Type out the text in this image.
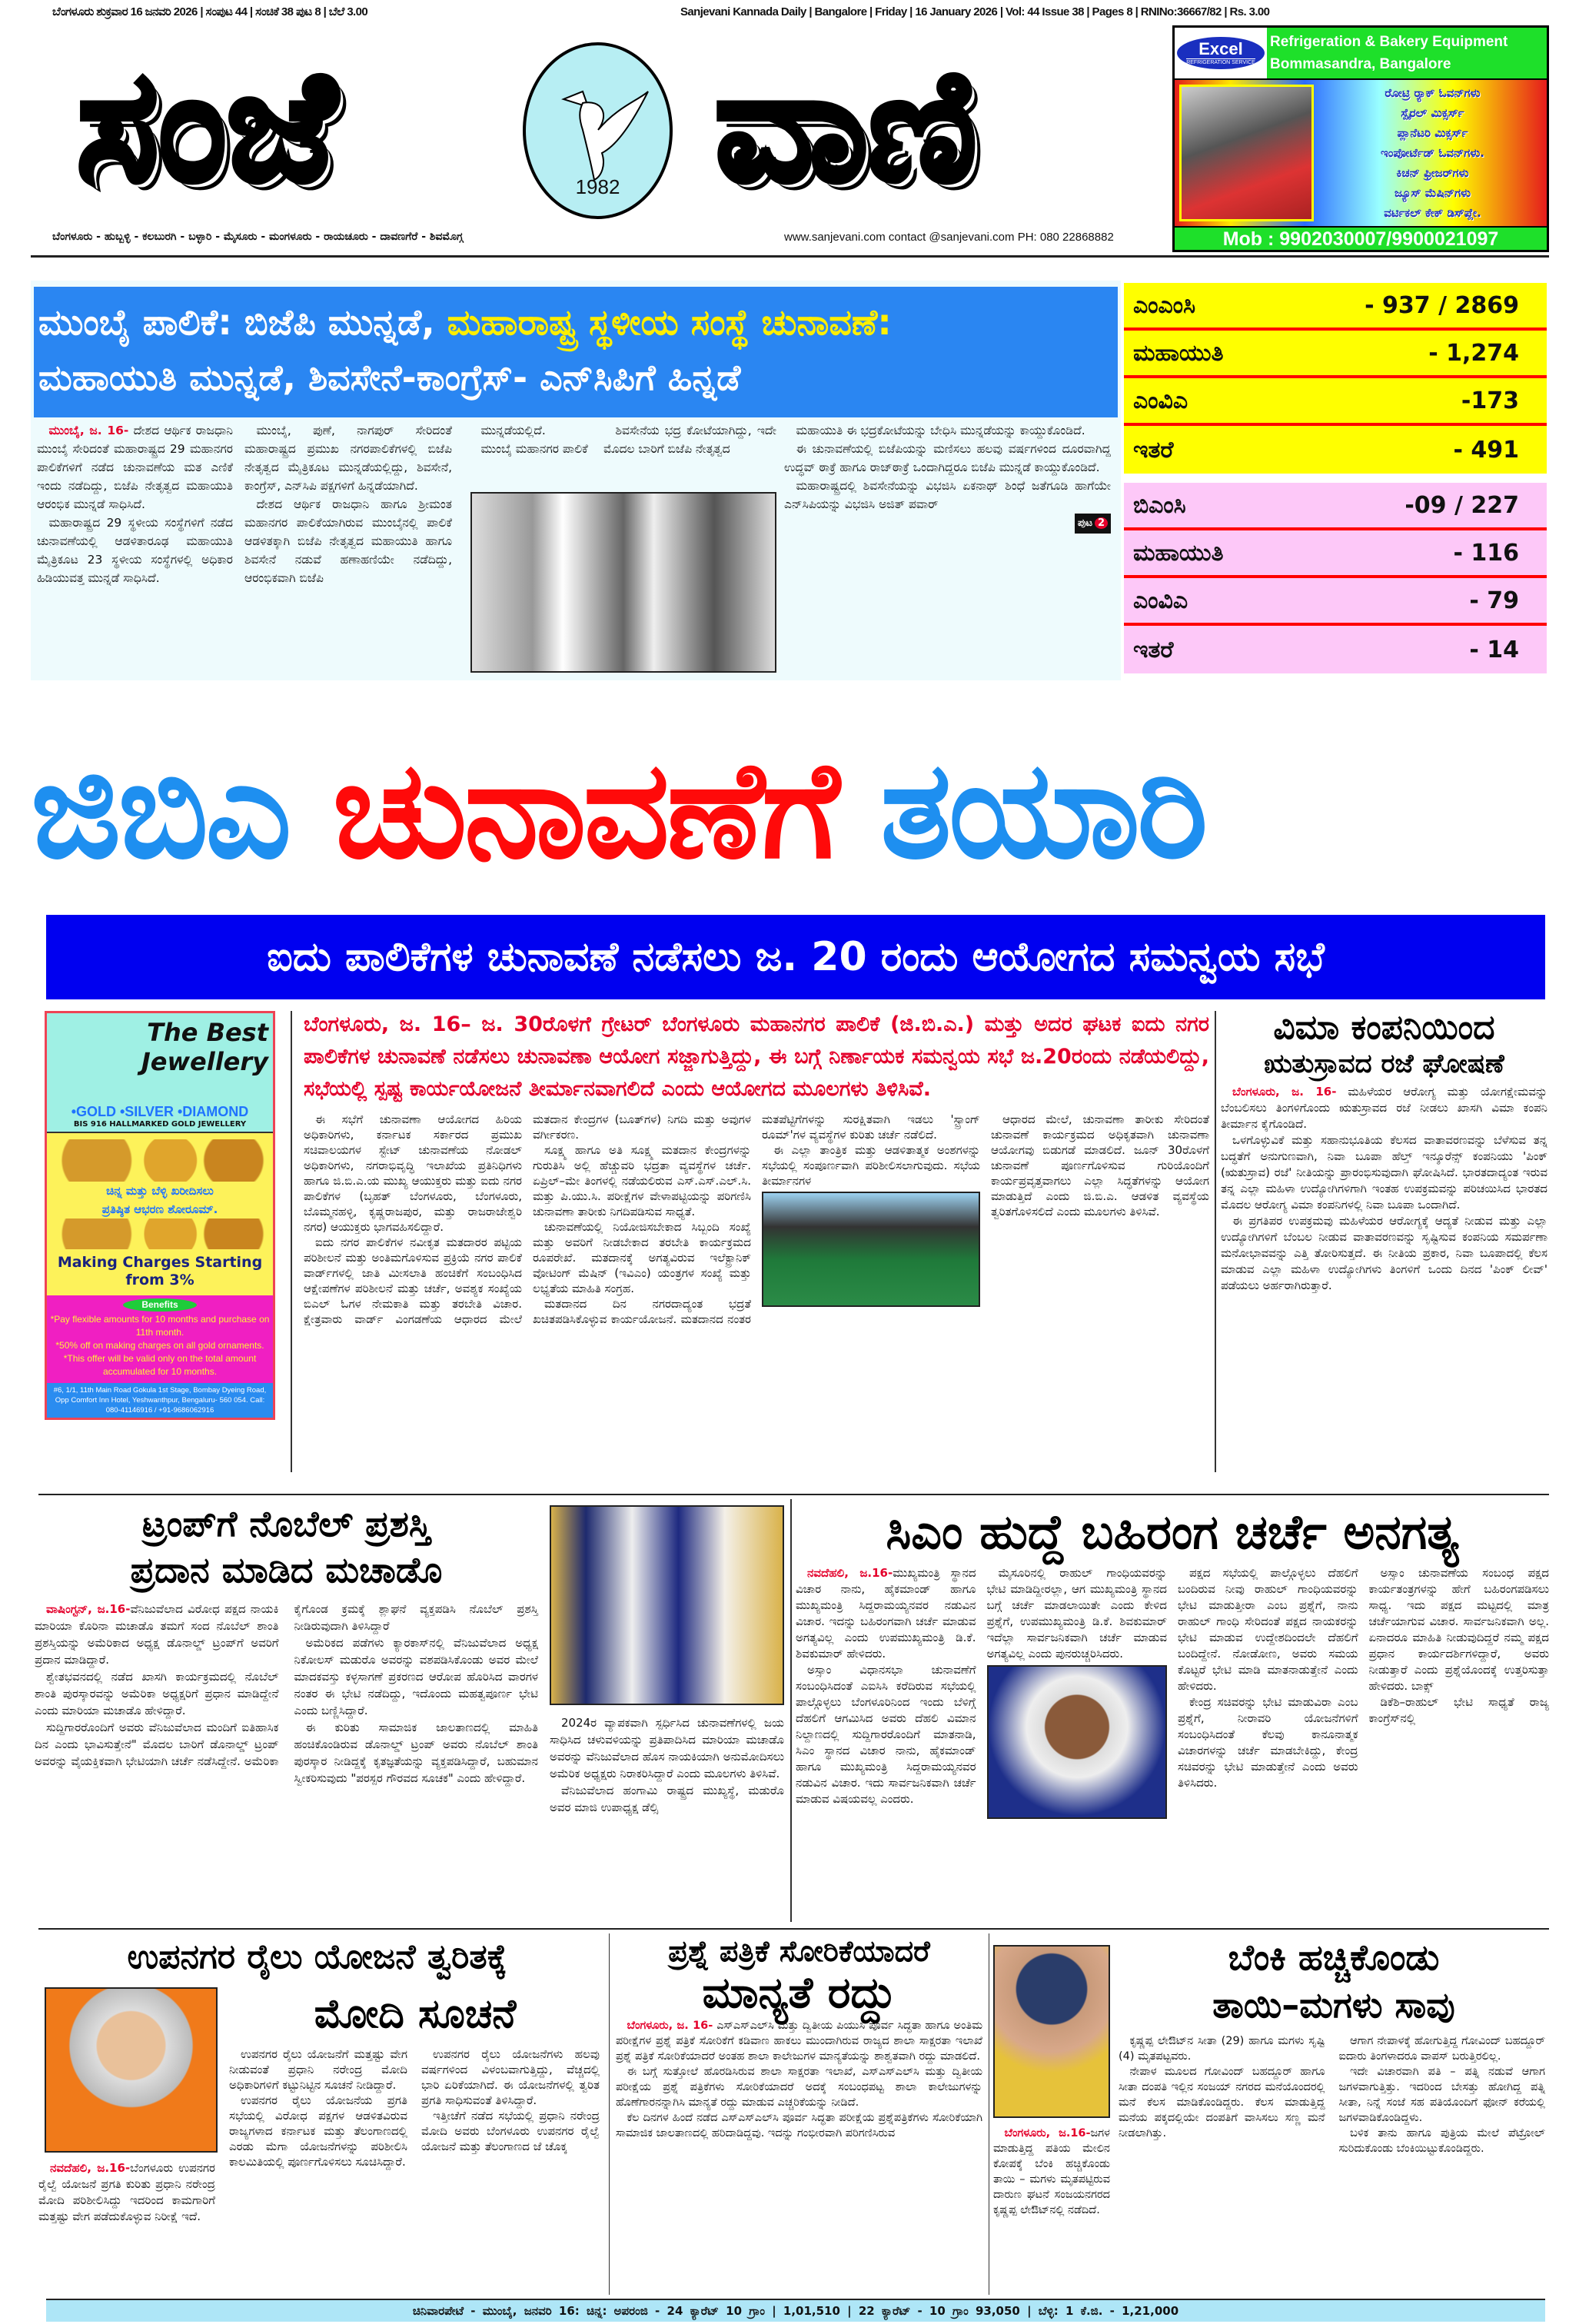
ಬೆಂಗಳೂರು ಶುಕ್ರವಾರ 16 ಜನವರಿ 2026 | ಸಂಪುಟ 44 | ಸಂಚಿಕೆ 38 ಪುಟ 8 | ಬೆಲೆ 3.00	Sanjevani Kannada Daily | Bangalore | Friday | 16 January 2026 | Vol: 44 Issue 38 | Pages 8 | RNINo:36667/82 | Rs. 3.00
ಸಂಜೆ	1982 ವಾಣಿ
ಬೆಂಗಳೂರು - ಹುಬ್ಬಳ್ಳಿ - ಕಲಬುರಗಿ - ಬಳ್ಳಾರಿ - ಮೈಸೂರು - ಮಂಗಳೂರು - ರಾಯಚೂರು - ದಾವಣಗೆರೆ - ಶಿವಮೊಗ್ಗ	www.sanjevani.com contact @sanjevani.com PH: 080 22868882
Excel
REFRIGERATION SERVICE
Refrigeration & Bakery Equipment
Bommasandra, Bangalore
ರೋಟ್ರಿ ರ್‍ಯಾಕ್ ಓವನ್‌ಗಳು
ಸ್ಪೈರಲ್ ಮಿಕ್ಸರ್ಸ್
ಪ್ಲಾನೆಟರಿ ಮಿಕ್ಸರ್ಸ್
ಇಂಪೋರ್ಟೆಡ್ ಓವನ್‌ಗಳು.
ಕಿಚನ್ ಫ್ರೀಜರ್‌ಗಳು
ಜ್ಯೂಸ್ ಮೆಷಿನ್‌ಗಳು
ವರ್ಟಿಕಲ್ ಕೇಕ್ ಡಿಸ್‌ಪ್ಲೇ.
Mob : 9902030007/9900021097
ಮುಂಬೈ ಪಾಲಿಕೆ: ಬಿಜೆಪಿ ಮುನ್ನಡೆ, ಮಹಾರಾಷ್ಟ್ರ ಸ್ಥಳೀಯ ಸಂಸ್ಥೆ ಚುನಾವಣೆ:
ಮಹಾಯುತಿ ಮುನ್ನಡೆ, ಶಿವಸೇನೆ-ಕಾಂಗ್ರೆಸ್- ಎನ್‌ಸಿಪಿಗೆ ಹಿನ್ನಡೆ

ಮುಂಬೈ, ಜ. 16- ದೇಶದ ಆರ್ಥಿಕ ರಾಜಧಾನಿ ಮುಂಬೈ ಸೇರಿದಂತೆ ಮಹಾರಾಷ್ಟ್ರದ 29 ಮಹಾನಗರ ಪಾಲಿಕೆಗಳಿಗೆ ನಡೆದ ಚುನಾವಣೆಯ ಮತ ಎಣಿಕೆ ಇಂದು ನಡೆದಿದ್ದು, ಬಿಜೆಪಿ ನೇತೃತ್ವದ ಮಹಾಯುತಿ ಆರಂಭಿಕ ಮುನ್ನಡೆ ಸಾಧಿಸಿದೆ.

ಮಹಾರಾಷ್ಟ್ರದ 29 ಸ್ಥಳೀಯ ಸಂಸ್ಥೆಗಳಿಗೆ ನಡೆದ ಚುನಾವಣೆಯಲ್ಲಿ ಆಡಳಿತಾರೂಢ ಮಹಾಯುತಿ ಮೈತ್ರಿಕೂಟ 23 ಸ್ಥಳೀಯ ಸಂಸ್ಥೆಗಳಲ್ಲಿ ಅಧಿಕಾರ ಹಿಡಿಯುವತ್ತ ಮುನ್ನಡೆ ಸಾಧಿಸಿದೆ.

ಮುಂಬೈ, ಪುಣೆ, ನಾಗಪುರ್ ಸೇರಿದಂತೆ ಮಹಾರಾಷ್ಟ್ರದ ಪ್ರಮುಖ ನಗರಪಾಲಿಕೆಗಳಲ್ಲಿ ಬಿಜೆಪಿ ನೇತೃತ್ವದ ಮೈತ್ರಿಕೂಟ ಮುನ್ನಡೆಯಲ್ಲಿದ್ದು, ಶಿವಸೇನೆ, ಕಾಂಗ್ರೆಸ್, ಎನ್‌ಸಿಪಿ ಪಕ್ಷಗಳಿಗೆ ಹಿನ್ನಡೆಯಾಗಿದೆ.

ದೇಶದ ಆರ್ಥಿಕ ರಾಜಧಾನಿ ಹಾಗೂ ಶ್ರೀಮಂತ ಮಹಾನಗರ ಪಾಲಿಕೆಯಾಗಿರುವ ಮುಂಬೈನಲ್ಲಿ ಪಾಲಿಕೆ ಆಡಳಿತಕ್ಕಾಗಿ ಬಿಜೆಪಿ ನೇತೃತ್ವದ ಮಹಾಯುತಿ ಹಾಗೂ ಶಿವಸೇನೆ ನಡುವೆ ಹಣಾಹಣಿಯೇ ನಡೆದಿದ್ದು, ಆರಂಭಿಕವಾಗಿ ಬಿಜೆಪಿ

ಮುನ್ನಡೆಯಲ್ಲಿದೆ.

ಮುಂಬೈ ಮಹಾನಗರ ಪಾಲಿಕೆ

ಶಿವಸೇನೆಯ ಭದ್ರ ಕೋಟೆಯಾಗಿದ್ದು, ಇದೇ ಮೊದಲ ಬಾರಿಗೆ ಬಿಜೆಪಿ ನೇತೃತ್ವದ

ಮಹಾಯುತಿ ಈ ಭದ್ರಕೋಟೆಯನ್ನು ಬೇಧಿಸಿ ಮುನ್ನಡೆಯನ್ನು ಕಾಯ್ದುಕೊಂಡಿದೆ.

ಈ ಚುನಾವಣೆಯಲ್ಲಿ ಬಿಜೆಪಿಯನ್ನು ಮಣಿಸಲು ಹಲವು ವರ್ಷಗಳಿಂದ ದೂರವಾಗಿದ್ದ ಉದ್ಧವ್ ಠಾಕ್ರೆ ಹಾಗೂ ರಾಜ್‌ಠಾಕ್ರೆ ಒಂದಾಗಿದ್ದರೂ ಬಿಜೆಪಿ ಮುನ್ನಡೆ ಕಾಯ್ದುಕೊಂಡಿದೆ.

ಮಹಾರಾಷ್ಟ್ರದಲ್ಲಿ ಶಿವಸೇನೆಯನ್ನು ವಿಭಜಿಸಿ ಏಕನಾಥ್ ಶಿಂಧೆ ಜತೆಗೂಡಿ ಹಾಗೆಯೇ ಎನ್‌ಸಿಪಿಯನ್ನು ವಿಭಜಿಸಿ ಅಜಿತ್ ಪವಾರ್

ಪುಟ 2
ಎಂಎಂಸಿ	- 937 / 2869
ಮಹಾಯುತಿ	- 1,274
ಎಂವಿಎ	-173
ಇತರೆ	- 491
ಬಿಎಂಸಿ	-09 / 227
ಮಹಾಯುತಿ	- 116
ಎಂವಿಎ	- 79
ಇತರೆ	- 14
ಜಿಬಿಎ ಚುನಾವಣೆಗೆ ತಯಾರಿ
ಐದು ಪಾಲಿಕೆಗಳ ಚುನಾವಣೆ ನಡೆಸಲು ಜ. 20 ರಂದು ಆಯೋಗದ ಸಮನ್ವಯ ಸಭೆ
The Best Jewellery
•GOLD •SILVER •DIAMOND
BIS 916 HALLMARKED GOLD JEWELLERY
ಚಿನ್ನ ಮತ್ತು ಬೆಳ್ಳಿ ಖರೀದಿಸಲು
ಪ್ರತಿಷ್ಠಿತ ಆಭರಣ ಶೋರೂಮ್.
Making Charges Starting from 3%
Benefits
*Pay flexible amounts for 10 months and purchase on 11th month.
*50% off on making charges on all gold ornaments.
*This offer will be valid only on the total amount accumulated for 10 months.
#6, 1/1, 11th Main Road Gokula 1st Stage, Bombay Dyeing Road, Opp Comfort Inn Hotel, Yeshwanthpur, Bengaluru- 560 054. Call: 080-41146916 / +91-9686062916
ಬೆಂಗಳೂರು, ಜ. 16– ಜ. 30ರೊಳಗೆ ಗ್ರೇಟರ್ ಬೆಂಗಳೂರು ಮಹಾನಗರ ಪಾಲಿಕೆ (ಜಿ.ಬಿ.ಎ.) ಮತ್ತು ಅದರ ಘಟಕ ಐದು ನಗರ ಪಾಲಿಕೆಗಳ ಚುನಾವಣೆ ನಡೆಸಲು ಚುನಾವಣಾ ಆಯೋಗ ಸಜ್ಜಾಗುತ್ತಿದ್ದು, ಈ ಬಗ್ಗೆ ನಿರ್ಣಾಯಕ ಸಮನ್ವಯ ಸಭೆ ಜ.20ರಂದು ನಡೆಯಲಿದ್ದು, ಸಭೆಯಲ್ಲಿ ಸ್ಪಷ್ಟ ಕಾರ್ಯಯೋಜನೆ ತೀರ್ಮಾನವಾಗಲಿದೆ ಎಂದು ಆಯೋಗದ ಮೂಲಗಳು ತಿಳಿಸಿವೆ.

ಈ ಸಭೆಗೆ ಚುನಾವಣಾ ಆಯೋಗದ ಹಿರಿಯ ಅಧಿಕಾರಿಗಳು, ಕರ್ನಾಟಕ ಸರ್ಕಾರದ ಪ್ರಮುಖ ಸಚಿವಾಲಯಗಳ ಸ್ಟೇಟ್ ಚುನಾವಣೆಯ ನೋಡಲ್ ಅಧಿಕಾರಿಗಳು, ನಗರಾಭಿವೃದ್ಧಿ ಇಲಾಖೆಯ ಪ್ರತಿನಿಧಿಗಳು ಹಾಗೂ ಜಿ.ಬಿ.ಎ.ಯ ಮುಖ್ಯ ಆಯುಕ್ತರು ಮತ್ತು ಐದು ನಗರ ಪಾಲಿಕೆಗಳ (ಬೃಹತ್ ಬೆಂಗಳೂರು, ಬೆಂಗಳೂರು, ಬೊಮ್ಮನಹಳ್ಳಿ, ಕೃಷ್ಣರಾಜಪುರ, ಮತ್ತು ರಾಜರಾಜೇಶ್ವರಿ ನಗರ) ಆಯುಕ್ತರು ಭಾಗವಹಿಸಲಿದ್ದಾರೆ.

ಐದು ನಗರ ಪಾಲಿಕೆಗಳ ನವೀಕೃತ ಮತದಾರರ ಪಟ್ಟಿಯ ಪರಿಶೀಲನೆ ಮತ್ತು ಅಂತಿಮಗೊಳಿಸುವ ಪ್ರಕ್ರಿಯೆ ನಗರ ಪಾಲಿಕೆ ವಾರ್ಡ್‌ಗಳಲ್ಲಿ ಜಾತಿ ಮೀಸಲಾತಿ ಹಂಚಿಕೆಗೆ ಸಂಬಂಧಿಸಿದ ಆಕ್ಷೇಪಣೆಗಳ ಪರಿಶೀಲನೆ ಮತ್ತು ಚರ್ಚೆ, ಅವಶ್ಯಕ ಸಂಖ್ಯೆಯ ಬಿಎಲ್ ಓಗಳ ನೇಮಕಾತಿ ಮತ್ತು ತರಬೇತಿ ವಿಚಾರ. ಕ್ಷೇತ್ರವಾರು ವಾರ್ಡ್ ವಿಂಗಡಣೆಯ ಆಧಾರದ ಮೇಲೆ ಮತದಾನ ಕೇಂದ್ರಗಳ (ಬೂತ್‌ಗಳ) ನಿಗದಿ ಮತ್ತು ಅವುಗಳ ವರ್ಗೀಕರಣ.

ಸೂಕ್ಷ್ಮ ಹಾಗೂ ಅತಿ ಸೂಕ್ಷ್ಮ ಮತದಾನ ಕೇಂದ್ರಗಳನ್ನು ಗುರುತಿಸಿ ಅಲ್ಲಿ ಹೆಚ್ಚುವರಿ ಭದ್ರತಾ ವ್ಯವಸ್ಥೆಗಳ ಚರ್ಚೆ. ಏಪ್ರಿಲ್–ಮೇ ತಿಂಗಳಲ್ಲಿ ನಡೆಯಲಿರುವ ಎಸ್.ಎಸ್.ಎಲ್.ಸಿ. ಮತ್ತು ಪಿ.ಯು.ಸಿ. ಪರೀಕ್ಷೆಗಳ ವೇಳಾಪಟ್ಟಿಯನ್ನು ಪರಿಗಣಿಸಿ ಚುನಾವಣಾ ತಾರೀಕು ನಿಗದಿಪಡಿಸುವ ಸಾಧ್ಯತೆ.

ಚುನಾವಣೆಯಲ್ಲಿ ನಿಯೋಜಿಸಬೇಕಾದ ಸಿಬ್ಬಂದಿ ಸಂಖ್ಯೆ ಮತ್ತು ಅವರಿಗೆ ನೀಡಬೇಕಾದ ತರಬೇತಿ ಕಾರ್ಯಕ್ರಮದ ರೂಪರೇಖೆ. ಮತದಾನಕ್ಕೆ ಅಗತ್ಯವಿರುವ ಇಲೆಕ್ಟ್ರಾನಿಕ್ ವೋಟಿಂಗ್ ಮೆಷಿನ್ (ಇವಿಎಂ) ಯಂತ್ರಗಳ ಸಂಖ್ಯೆ ಮತ್ತು ಲಭ್ಯತೆಯ ಮಾಹಿತಿ ಸಂಗ್ರಹ.

ಮತದಾನದ ದಿನ ನಗರದಾದ್ಯಂತ ಭದ್ರತೆ ಖಚಿತಪಡಿಸಿಕೊಳ್ಳುವ ಕಾರ್ಯಯೋಜನೆ. ಮತದಾನದ ನಂತರ ಮತಪೆಟ್ಟಿಗೆಗಳನ್ನು ಸುರಕ್ಷಿತವಾಗಿ ಇಡಲು 'ಸ್ಟ್ರಾಂಗ್ ರೂಮ್'ಗಳ ವ್ಯವಸ್ಥೆಗಳ ಕುರಿತು ಚರ್ಚೆ ನಡೆಲಿದೆ.

ಈ ಎಲ್ಲಾ ತಾಂತ್ರಿಕ ಮತ್ತು ಆಡಳಿತಾತ್ಮಕ ಅಂಶಗಳನ್ನು ಸಭೆಯಲ್ಲಿ ಸಂಪೂರ್ಣವಾಗಿ ಪರಿಶೀಲಿಸಲಾಗುವುದು. ಸಭೆಯ ತೀರ್ಮಾನಗಳ

ಆಧಾರದ ಮೇಲೆ, ಚುನಾವಣಾ ತಾರೀಕು ಸೇರಿದಂತೆ ಚುನಾವಣೆ ಕಾರ್ಯಕ್ರಮದ ಅಧಿಕೃತವಾಗಿ ಚುನಾವಣಾ ಆಯೋಗವು ಬಿಡುಗಡೆ ಮಾಡಲಿದೆ. ಜೂನ್ 30ರೊಳಗೆ ಚುನಾವಣೆ ಪೂರ್ಣಗೊಳಿಸುವ ಗುರಿಯೊಂದಿಗೆ ಕಾರ್ಯಪ್ರವೃತ್ತವಾಗಲು ಎಲ್ಲಾ ಸಿದ್ಧತೆಗಳನ್ನು ಆಯೋಗ ಮಾಡುತ್ತಿದೆ ಎಂದು ಜಿ.ಬಿ.ಎ. ಆಡಳಿತ ವ್ಯವಸ್ಥೆಯ ತ್ವರಿತಗೊಳಿಸಲಿದೆ ಎಂದು ಮೂಲಗಳು ತಿಳಿಸಿವೆ.

ವಿಮಾ ಕಂಪನಿಯಿಂದ
ಋತುಸ್ರಾವದ ರಜೆ ಘೋಷಣೆ

ಬೆಂಗಳೂರು, ಜ. 16- ಮಹಿಳೆಯರ ಆರೋಗ್ಯ ಮತ್ತು ಯೋಗಕ್ಷೇಮವನ್ನು ಬೆಂಬಲಿಸಲು ತಿಂಗಳಿಗೊಂದು ಋತುಸ್ರಾವದ ರಜೆ ನೀಡಲು ಖಾಸಗಿ ವಿಮಾ ಕಂಪನಿ ತೀರ್ಮಾನ ಕೈಗೊಂಡಿದೆ.

ಒಳಗೊಳ್ಳುವಿಕೆ ಮತ್ತು ಸಹಾನುಭೂತಿಯ ಕೆಲಸದ ವಾತಾವರಣವನ್ನು ಬೆಳೆಸುವ ತನ್ನ ಬದ್ಧತೆಗೆ ಅನುಗುಣವಾಗಿ, ನಿವಾ ಬೂಪಾ ಹೆಲ್ತ್ ಇನ್ಶೂರೆನ್ಸ್ ಕಂಪನಿಯು 'ಪಿಂಕ್ (ಋತುಸ್ರಾವ) ರಜೆ' ನೀತಿಯನ್ನು ಪ್ರಾರಂಭಿಸುವುದಾಗಿ ಘೋಷಿಸಿದೆ. ಭಾರತದಾದ್ಯಂತ ಇರುವ ತನ್ನ ಎಲ್ಲಾ ಮಹಿಳಾ ಉದ್ಯೋಗಿಗಳಿಗಾಗಿ ಇಂತಹ ಉಪಕ್ರಮವನ್ನು ಪರಿಚಯಿಸಿದ ಭಾರತದ ಮೊದಲ ಆರೋಗ್ಯ ವಿಮಾ ಕಂಪನಿಗಳಲ್ಲಿ ನಿವಾ ಬೂಪಾ ಒಂದಾಗಿದೆ.

ಈ ಪ್ರಗತಿಪರ ಉಪಕ್ರಮವು ಮಹಿಳೆಯರ ಆರೋಗ್ಯಕ್ಕೆ ಆದ್ಯತೆ ನೀಡುವ ಮತ್ತು ಎಲ್ಲಾ ಉದ್ಯೋಗಿಗಳಿಗೆ ಬೆಂಬಲ ನೀಡುವ ವಾತಾವರಣವನ್ನು ಸೃಷ್ಟಿಸುವ ಕಂಪನಿಯ ಸಮರ್ಪಣಾ ಮನೋಭಾವವನ್ನು ಎತ್ತಿ ತೋರಿಸುತ್ತದೆ. ಈ ನೀತಿಯ ಪ್ರಕಾರ, ನಿವಾ ಬೂಪಾದಲ್ಲಿ ಕೆಲಸ ಮಾಡುವ ಎಲ್ಲಾ ಮಹಿಳಾ ಉದ್ಯೋಗಿಗಳು ತಿಂಗಳಿಗೆ ಒಂದು ದಿನದ 'ಪಿಂಕ್ ಲೀವ್' ಪಡೆಯಲು ಅರ್ಹರಾಗಿರುತ್ತಾರೆ.

ಟ್ರಂಪ್‌ಗೆ ನೊಬೆಲ್ ಪ್ರಶಸ್ತಿ
ಪ್ರದಾನ ಮಾಡಿದ ಮಚಾಡೊ

ವಾಷಿಂಗ್ಟನ್, ಜ.16-ವೆನಿಜುವೆಲಾದ ವಿರೋಧ ಪಕ್ಷದ ನಾಯಕಿ ಮಾರಿಯಾ ಕೊರಿನಾ ಮಚಾಡೊ ತಮಗೆ ಸಂದ ನೊಬೆಲ್ ಶಾಂತಿ ಪ್ರಶಸ್ತಿಯನ್ನು ಅಮೆರಿಕಾದ ಅಧ್ಯಕ್ಷ ಡೊನಾಲ್ಡ್ ಟ್ರಂಪ್‌ಗೆ ಅವರಿಗೆ ಪ್ರದಾನ ಮಾಡಿದ್ದಾರೆ.

ಶ್ವೇತಭವನದಲ್ಲಿ ನಡೆದ ಖಾಸಗಿ ಕಾರ್ಯಕ್ರಮದಲ್ಲಿ ನೊಬೆಲ್ ಶಾಂತಿ ಪುರಸ್ಕಾರವನ್ನು ಅಮೆರಿಕಾ ಅಧ್ಯಕ್ಷರಿಗೆ ಪ್ರಧಾನ ಮಾಡಿದ್ದೇನೆ ಎಂದು ಮಾರಿಯಾ ಮಚಾಡೊ ಹೇಳಿದ್ದಾರೆ.

ಸುದ್ದಿಗಾರರೊಂದಿಗೆ ಅವರು ವೆನಿಜುವೆಲಾದ ಮಂದಿಗೆ ಐತಿಹಾಸಿಕ ದಿನ ಎಂದು ಭಾವಿಸುತ್ತೇನೆ" ಮೊದಲ ಬಾರಿಗೆ ಡೊನಾಲ್ಡ್ ಟ್ರಂಪ್ ಅವರನ್ನು ವೈಯಕ್ತಿಕವಾಗಿ ಭೇಟಿಯಾಗಿ ಚರ್ಚೆ ನಡೆಸಿದ್ದೇನೆ. ಅಮೆರಿಕಾ ಕೈಗೊಂಡ ಕ್ರಮಕ್ಕೆ ಶ್ಲಾಘನೆ ವ್ಯಕ್ತಪಡಿಸಿ ನೊಬೆಲ್ ಪ್ರಶಸ್ತಿ ನೀಡಿರುವುದಾಗಿ ತಿಳಿಸಿದ್ದಾರೆ

ಅಮೆರಿಕದ ಪಡೆಗಳು ಕ್ಯಾರಕಾಸ್‌ನಲ್ಲಿ ವೆನಿಜುವೆಲಾದ ಅಧ್ಯಕ್ಷ ನಿಕೋಲಸ್ ಮಡುರೊ ಅವರನ್ನು ವಶಪಡಿಸಿಕೊಂಡು ಅವರ ಮೇಲೆ ಮಾದಕವಸ್ತು ಕಳ್ಳಸಾಗಣೆ ಪ್ರಕರಣದ ಆರೋಪ ಹೊರಿಸಿದ ವಾರಗಳ ನಂತರ ಈ ಭೇಟಿ ನಡೆದಿದ್ದು, ಇದೊಂದು ಮಹತ್ವಪೂರ್ಣ ಭೇಟಿ ಎಂದು ಬಣ್ಣಿಸಿದ್ದಾರೆ.

ಈ ಕುರಿತು ಸಾಮಾಜಿಕ ಜಾಲತಾಣದಲ್ಲಿ ಮಾಹಿತಿ ಹಂಚಿಕೊಂಡಿರುವ ಡೊನಾಲ್ಡ್ ಟ್ರಂಪ್ ಅವರು ನೊಬೆಲ್ ಶಾಂತಿ ಪುರಸ್ಕಾರ ನೀಡಿದ್ದಕ್ಕೆ ಕೃತಜ್ಞತೆಯನ್ನು ವ್ಯಕ್ತಪಡಿಸಿದ್ದಾರೆ, ಬಹುಮಾನ ಸ್ವೀಕರಿಸುವುದು "ಪರಸ್ಪರ ಗೌರವದ ಸೂಚಕ" ಎಂದು ಹೇಳಿದ್ದಾರೆ.

2024ರ ವ್ಯಾಪಕವಾಗಿ ಸ್ಪರ್ಧಿಸಿದ ಚುನಾವಣೆಗಳಲ್ಲಿ ಜಯ ಸಾಧಿಸಿದ ಚಳುವಳಿಯನ್ನು ಪ್ರತಿಪಾದಿಸಿದ ಮಾರಿಯಾ ಮಚಾಡೊ ಅವರನ್ನು ವೆನಿಜುವೆಲಾದ ಹೊಸ ನಾಯಕಿಯಾಗಿ ಅನುಮೋದಿಸಲು ಅಮೆರಿಕ ಅಧ್ಯಕ್ಷರು ನಿರಾಕರಿಸಿದ್ದಾರೆ ಎಂದು ಮೂಲಗಳು ತಿಳಿಸಿವೆ.

ವೆನಿಜುವೆಲಾದ ಹಂಗಾಮಿ ರಾಷ್ಟ್ರದ ಮುಖ್ಯಸ್ಥೆ, ಮಡುರೊ ಅವರ ಮಾಜಿ ಉಪಾಧ್ಯಕ್ಷ ಡೆಲ್ಸಿ

ಸಿಎಂ ಹುದ್ದೆ ಬಹಿರಂಗ ಚರ್ಚೆ ಅನಗತ್ಯ

ನವದೆಹಲಿ, ಜ.16-ಮುಖ್ಯಮಂತ್ರಿ ಸ್ಥಾನದ ವಿಚಾರ ನಾನು, ಹೈಕಮಾಂಡ್ ಹಾಗೂ ಮುಖ್ಯಮಂತ್ರಿ ಸಿದ್ದರಾಮಯ್ಯನವರ ನಡುವಿನ ವಿಚಾರ. ಇದನ್ನು ಬಹಿರಂಗವಾಗಿ ಚರ್ಚೆ ಮಾಡುವ ಅಗತ್ಯವಿಲ್ಲ ಎಂದು ಉಪಮುಖ್ಯಮಂತ್ರಿ ಡಿ.ಕೆ. ಶಿವಕುಮಾರ್ ಹೇಳಿದರು.

ಅಸ್ಸಾಂ ವಿಧಾನಸಭಾ ಚುನಾವಣೆಗೆ ಸಂಬಂಧಿಸಿದಂತೆ ಎಐಸಿಸಿ ಕರೆದಿರುವ ಸಭೆಯಲ್ಲಿ ಪಾಲ್ಗೊಳ್ಳಲು ಬೆಂಗಳೂರಿನಿಂದ ಇಂದು ಬೆಳಿಗ್ಗೆ ದೆಹಲಿಗೆ ಆಗಮಿಸಿದ ಅವರು ದೆಹಲಿ ವಿಮಾನ ನಿಲ್ದಾಣದಲ್ಲಿ ಸುದ್ದಿಗಾರರೊಂದಿಗೆ ಮಾತನಾಡಿ, ಸಿಎಂ ಸ್ಥಾನದ ವಿಚಾರ ನಾನು, ಹೈಕಮಾಂಡ್ ಹಾಗೂ ಮುಖ್ಯಮಂತ್ರಿ ಸಿದ್ದರಾಮಯ್ಯನವರ ನಡುವಿನ ವಿಚಾರ. ಇದು ಸಾರ್ವಜನಿಕವಾಗಿ ಚರ್ಚೆ ಮಾಡುವ ವಿಷಯವಲ್ಲ ಎಂದರು.

ಮೈಸೂರಿನಲ್ಲಿ ರಾಹುಲ್ ಗಾಂಧಿಯವರನ್ನು ಭೇಟಿ ಮಾಡಿದ್ದೀರಲ್ಲಾ, ಆಗ ಮುಖ್ಯಮಂತ್ರಿ ಸ್ಥಾನದ ಬಗ್ಗೆ ಚರ್ಚೆ ಮಾಡಲಾಯಿತೇ ಎಂದು ಕೇಳಿದ ಪ್ರಶ್ನೆಗೆ, ಉಪಮುಖ್ಯಮಂತ್ರಿ ಡಿ.ಕೆ. ಶಿವಕುಮಾರ್ ಇದೆಲ್ಲಾ ಸಾರ್ವಜನಿಕವಾಗಿ ಚರ್ಚೆ ಮಾಡುವ ಅಗತ್ಯವಿಲ್ಲ ಎಂದು ಪುನರುಚ್ಚರಿಸಿದರು.

ಪಕ್ಷದ ಸಭೆಯಲ್ಲಿ ಪಾಲ್ಗೊಳ್ಳಲು ದೆಹಲಿಗೆ ಬಂದಿರುವ ನೀವು ರಾಹುಲ್ ಗಾಂಧಿಯವರನ್ನು ಭೇಟಿ ಮಾಡುತ್ತೀರಾ ಎಂಬ ಪ್ರಶ್ನೆಗೆ, ನಾನು ರಾಹುಲ್ ಗಾಂಧಿ ಸೇರಿದಂತೆ ಪಕ್ಷದ ನಾಯಕರನ್ನು ಭೇಟಿ ಮಾಡುವ ಉದ್ದೇಶದಿಂದಲೇ ದೆಹಲಿಗೆ ಬಂದಿದ್ದೇನೆ. ನೋಡೋಣ, ಅವರು ಸಮಯ ಕೊಟ್ಟರೆ ಭೇಟಿ ಮಾಡಿ ಮಾತನಾಡುತ್ತೇನೆ ಎಂದು ಹೇಳಿದರು.

ಕೇಂದ್ರ ಸಚಿವರನ್ನು ಭೇಟಿ ಮಾಡುವಿರಾ ಎಂಬ ಪ್ರಶ್ನೆಗೆ, ನೀರಾವರಿ ಯೋಜನೆಗಳಿಗೆ ಸಂಬಂಧಿಸಿದಂತೆ ಕೆಲವು ಕಾನೂನಾತ್ಮಕ ವಿಚಾರಗಳನ್ನು ಚರ್ಚೆ ಮಾಡಬೇಕಿದ್ದು, ಕೇಂದ್ರ ಸಚಿವರನ್ನು ಭೇಟಿ ಮಾಡುತ್ತೇನೆ ಎಂದು ಅವರು ತಿಳಿಸಿದರು.

ಅಸ್ಸಾಂ ಚುನಾವಣೆಯ ಸಂಬಂಧ ಪಕ್ಷದ ಕಾರ್ಯತಂತ್ರಗಳನ್ನು ಹೇಗೆ ಬಹಿರಂಗಪಡಿಸಲು ಸಾಧ್ಯ. ಇದು ಪಕ್ಷದ ಮಟ್ಟದಲ್ಲಿ ಮಾತ್ರ ಚರ್ಚೆಯಾಗುವ ವಿಚಾರ. ಸಾರ್ವಜನಿಕವಾಗಿ ಅಲ್ಲ. ಏನಾದರೂ ಮಾಹಿತಿ ನೀಡುವುದಿದ್ದರೆ ನಮ್ಮ ಪಕ್ಷದ ಪ್ರಧಾನ ಕಾರ್ಯದರ್ಶಿಗಳಿದ್ದಾರೆ, ಅವರು ನೀಡುತ್ತಾರೆ ಎಂದು ಪ್ರಶ್ನೆಯೊಂದಕ್ಕೆ ಉತ್ತರಿಸುತ್ತಾ ಹೇಳಿದರು. ಬಾಕ್ಸ್

ಡಿಕೆಶಿ–ರಾಹುಲ್ ಭೇಟಿ ಸಾಧ್ಯತೆ ರಾಜ್ಯ ಕಾಂಗ್ರೆಸ್‌ನಲ್ಲಿ

ಉಪನಗರ ರೈಲು ಯೋಜನೆ ತ್ವರಿತಕ್ಕೆ
ಮೋದಿ ಸೂಚನೆ

ನವದೆಹಲಿ, ಜ.16-ಬೆಂಗಳೂರು ಉಪನಗರ ರೈಲ್ವೆ ಯೋಜನೆ ಪ್ರಗತಿ ಕುರಿತು ಪ್ರಧಾನಿ ನರೇಂದ್ರ ಮೋದಿ ಪರಿಶೀಲಿಸಿದ್ದು ಇದರಿಂದ ಕಾಮಗಾರಿಗೆ ಮತ್ತಷ್ಟು ವೇಗ ಪಡೆದುಕೊಳ್ಳುವ ನಿರೀಕ್ಷೆ ಇದೆ.

ಉಪನಗರ ರೈಲು ಯೋಜನೆಗೆ ಮತ್ತಷ್ಟು ವೇಗ ನೀಡುವಂತೆ ಪ್ರಧಾನಿ ನರೇಂದ್ರ ಮೋದಿ ಅಧಿಕಾರಿಗಳಿಗೆ ಕಟ್ಟುನಿಟ್ಟಿನ ಸೂಚನೆ ನೀಡಿದ್ದಾರೆ.

ಉಪನಗರ ರೈಲು ಯೋಜನೆಯ ಪ್ರಗತಿ ಸಭೆಯಲ್ಲಿ ವಿರೋಧ ಪಕ್ಷಗಳ ಆಡಳಿತವಿರುವ ರಾಜ್ಯಗಳಾದ ಕರ್ನಾಟಕ ಮತ್ತು ತೆಲಂಗಾಣದಲ್ಲಿ ಎರಡು ಮೆಗಾ ಯೋಜನೆಗಳನ್ನು ಪರಿಶೀಲಿಸಿ ಕಾಲಮಿತಿಯಲ್ಲಿ ಪೂರ್ಣಗೊಳಿಸಲು ಸೂಚಿಸಿದ್ದಾರೆ.

ಉಪನಗರ ರೈಲು ಯೋಜನೆಗಳು ಹಲವು ವರ್ಷಗಳಿಂದ ವಿಳಂಬವಾಗುತ್ತಿದ್ದು, ವೆಚ್ಚದಲ್ಲಿ ಭಾರಿ ಏರಿಕೆಯಾಗಿದೆ. ಈ ಯೋಜನೆಗಳಲ್ಲಿ ತ್ವರಿತ ಪ್ರಗತಿ ಸಾಧಿಸುವಂತೆ ತಿಳಿಸಿದ್ದಾರೆ.

ಇತ್ತೀಚೆಗೆ ನಡೆದ ಸಭೆಯಲ್ಲಿ ಪ್ರಧಾನಿ ನರೇಂದ್ರ ಮೋದಿ ಅವರು ಬೆಂಗಳೂರು ಉಪನಗರ ರೈಲ್ವೆ ಯೋಜನೆ ಮತ್ತು ತೆಲಂಗಾಣದ ಜೆ ಚೊಕ್ಕ

ಪ್ರಶ್ನೆ ಪತ್ರಿಕೆ ಸೋರಿಕೆಯಾದರೆ
ಮಾನ್ಯತೆ ರದ್ದು

ಬೆಂಗಳೂರು, ಜ. 16- ಎಸ್‌ಎಸ್‌ಎಲ್‌ಸಿ ಮತ್ತು ದ್ವಿತೀಯ ಪಿಯುಸಿ ಪೂರ್ವ ಸಿದ್ಧತಾ ಹಾಗೂ ಅಂತಿಮ ಪರೀಕ್ಷೆಗಳ ಪ್ರಶ್ನೆ ಪತ್ರಿಕೆ ಸೋರಿಕೆಗೆ ಕಡಿವಾಣ ಹಾಕಲು ಮುಂದಾಗಿರುವ ರಾಜ್ಯದ ಶಾಲಾ ಸಾಕ್ಷರತಾ ಇಲಾಖೆ ಪ್ರಶ್ನೆ ಪತ್ರಿಕೆ ಸೋರಿಕೆಯಾದರೆ ಅಂತಹ ಶಾಲಾ ಕಾಲೇಜುಗಳ ಮಾನ್ಯತೆಯನ್ನು ಶಾಶ್ವತವಾಗಿ ರದ್ದು ಮಾಡಲಿದೆ.

ಈ ಬಗ್ಗೆ ಸುತ್ತೋಲೆ ಹೊರಡಿಸಿರುವ ಶಾಲಾ ಸಾಕ್ಷರತಾ ಇಲಾಖೆ, ಎಸ್‌ಎಸ್‌ಎಲ್‌ಸಿ ಮತ್ತು ದ್ವಿತೀಯ ಪರೀಕ್ಷೆಯ ಪ್ರಶ್ನೆ ಪತ್ರಿಕೆಗಳು ಸೋರಿಕೆಯಾದರೆ ಅದಕ್ಕೆ ಸಂಬಂಧಪಟ್ಟ ಶಾಲಾ ಕಾಲೇಜುಗಳನ್ನು ಹೊಣೆಗಾರನನ್ನಾಗಿಸಿ ಮಾನ್ಯತೆ ರದ್ದು ಮಾಡುವ ಎಚ್ಚರಿಕೆಯನ್ನು ನೀಡಿದೆ.

ಕೆಲ ದಿನಗಳ ಹಿಂದೆ ನಡೆದ ಎಸ್‌ಎಸ್‌ಎಲ್‌ಸಿ ಪೂರ್ವ ಸಿದ್ಧತಾ ಪರೀಕ್ಷೆಯ ಪ್ರಶ್ನೆಪತ್ರಿಕೆಗಳು ಸೋರಿಕೆಯಾಗಿ ಸಾಮಾಜಿಕ ಜಾಲತಾಣದಲ್ಲಿ ಹರಿದಾಡಿದ್ದವು. ಇದನ್ನು ಗಂಭೀರವಾಗಿ ಪರಿಗಣಿಸಿರುವ

ಬೆಂಕಿ ಹಚ್ಚಿಕೊಂಡು
ತಾಯಿ–ಮಗಳು ಸಾವು

ಬೆಂಗಳೂರು, ಜ.16-ಜಗಳ ಮಾಡುತ್ತಿದ್ದ ಪತಿಯ ಮೇಲಿನ ಕೋಪಕ್ಕೆ ಬೆಂಕಿ ಹಚ್ಚಿಕೊಂಡು ತಾಯಿ – ಮಗಳು ಮೃತಪಟ್ಟಿರುವ ದಾರುಣ ಘಟನೆ ಸಂಜಯನಗರದ ಕೃಷ್ಣಪ್ಪ ಲೇಔಟ್‌ನಲ್ಲಿ ನಡೆದಿದೆ.

ಕೃಷ್ಣಪ್ಪ ಲೇಔಟ್‌ನ ಸೀತಾ (29) ಹಾಗೂ ಮಗಳು ಸೃಷ್ಟಿ (4) ಮೃತಪಟ್ಟವರು.

ನೇಪಾಳ ಮೂಲದ ಗೋವಿಂದ್ ಬಹದ್ದೂರ್ ಹಾಗೂ ಸೀತಾ ದಂಪತಿ ಇಲ್ಲಿನ ಸಂಜಯ್ ನಗರದ ಮನೆಯೊಂದರಲ್ಲಿ ಮನೆ ಕೆಲಸ ಮಾಡಿಕೊಂಡಿದ್ದರು. ಕೆಲಸ ಮಾಡುತ್ತಿದ್ದ ಮನೆಯ ಪಕ್ಕದಲ್ಲಿಯೇ ದಂಪತಿಗೆ ವಾಸಿಸಲು ಸಣ್ಣ ಮನೆ ನೀಡಲಾಗಿತ್ತು.

ಆಗಾಗ ನೇಪಾಳಕ್ಕೆ ಹೋಗುತ್ತಿದ್ದ ಗೋವಿಂದ್ ಬಹದ್ದೂರ್ ಐದಾರು ತಿಂಗಳಾದರೂ ವಾಪಸ್ ಬರುತ್ತಿರಲಿಲ್ಲ.

ಇದೇ ವಿಚಾರವಾಗಿ ಪತಿ – ಪತ್ನಿ ನಡುವೆ ಆಗಾಗ ಜಗಳವಾಗುತ್ತಿತ್ತು. ಇದರಿಂದ ಬೇಸತ್ತು ಹೋಗಿದ್ದ ಪತ್ನಿ ಸೀತಾ, ನಿನ್ನೆ ಸಂಜೆ ಸಹ ಪತಿಯೊಂದಿಗೆ ಫೋನ್ ಕರೆಯಲ್ಲಿ ಜಗಳವಾಡಿಕೊಂಡಿದ್ದಳು.

ಬಳಿಕ ತಾನು ಹಾಗೂ ಪುತ್ರಿಯ ಮೇಲೆ ಪೆಟ್ರೋಲ್ ಸುರಿದುಕೊಂಡು ಬೆಂಕಿಯಿಟ್ಟುಕೊಂಡಿದ್ದರು.

ಚಿನಿವಾರಪೇಟೆ - ಮುಂಬೈ, ಜನವರಿ 16: ಚಿನ್ನ: ಅಪರಂಜಿ - 24 ಕ್ಯಾರೆಟ್ 10 ಗ್ರಾಂ | 1,01,510 | 22 ಕ್ಯಾರೆಟ್ - 10 ಗ್ರಾಂ 93,050 | ಬೆಳ್ಳಿ: 1 ಕೆ.ಜಿ. - 1,21,000
